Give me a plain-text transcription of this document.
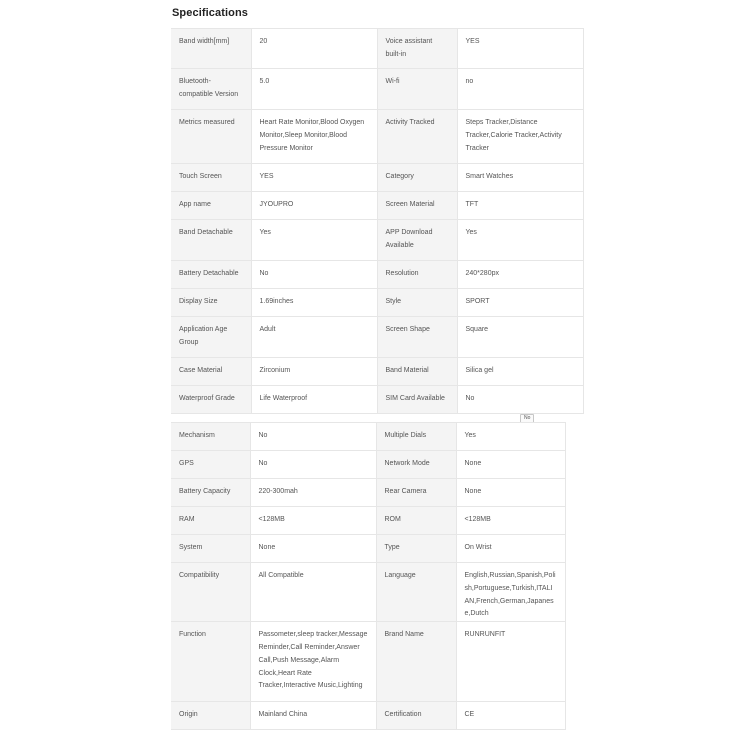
Specifications
Band width[mm]	20	Voice assistant built-in	YES

Bluetooth-compatible Version	5.0	Wi-fi	no

Metrics measured	Heart Rate Monitor,Blood Oxygen Monitor,Sleep Monitor,Blood Pressure Monitor	Activity Tracked	Steps Tracker,Distance Tracker,Calorie Tracker,Activity Tracker

Touch Screen	YES	Category	Smart Watches

App name	JYOUPRO	Screen Material	TFT

Band Detachable	Yes	APP Download Available	Yes

Battery Detachable	No	Resolution	240*280px

Display Size	1.69inches	Style	SPORT

Application Age Group	Adult	Screen Shape	Square

Case Material	Zirconium	Band Material	Silica gel

Waterproof Grade	Life Waterproof	SIM Card Available	No
No
Mechanism	No	Multiple Dials	Yes

GPS	No	Network Mode	None

Battery Capacity	220-300mah	Rear Camera	None

RAM	<128MB	ROM	<128MB

System	None	Type	On Wrist

Compatibility	All Compatible	Language	English,Russian,Spanish,Polish,Portuguese,Turkish,ITALIAN,French,German,Japanese,Dutch

Function	Passometer,sleep tracker,Message Reminder,Call Reminder,Answer Call,Push Message,Alarm Clock,Heart Rate Tracker,Interactive Music,Lighting	Brand Name	RUNRUNFIT

Origin	Mainland China	Certification	CE
